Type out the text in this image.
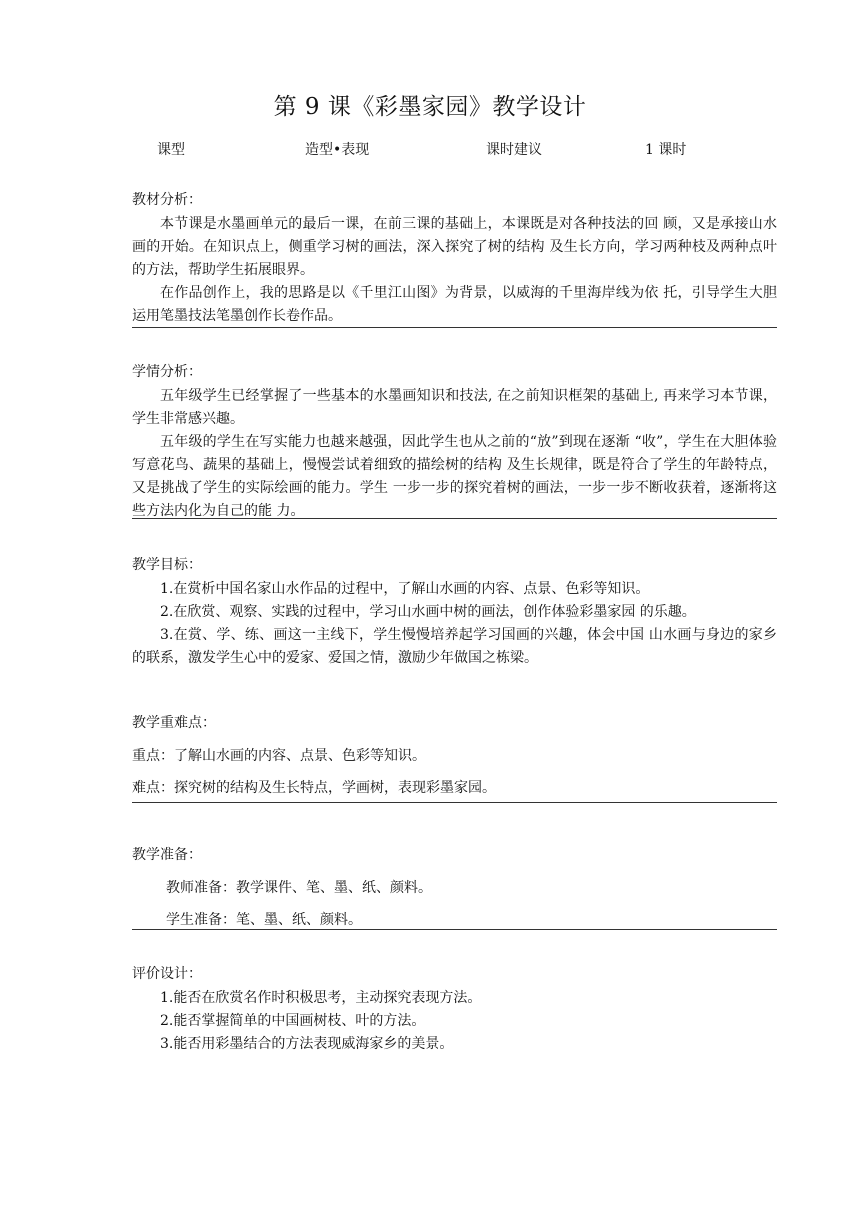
第 9 课《彩墨家园》教学设计
课型	造型•表现	课时建议	1 课时
教材分析：

本节课是水墨画单元的最后一课，在前三课的基础上，本课既是对各种技法的回 顾，又是承接山水画的开始。在知识点上，侧重学习树的画法，深入探究了树的结构 及生长方向，学习两种枝及两种点叶的方法，帮助学生拓展眼界。

在作品创作上，我的思路是以《千里江山图》为背景，以威海的千里海岸线为依 托，引导学生大胆运用笔墨技法笔墨创作长卷作品。

学情分析：

五年级学生已经掌握了一些基本的水墨画知识和技法, 在之前知识框架的基础上, 再来学习本节课，学生非常感兴趣。

五年级的学生在写实能力也越来越强，因此学生也从之前的“放”到现在逐渐 “收”，学生在大胆体验写意花鸟、蔬果的基础上，慢慢尝试着细致的描绘树的结构 及生长规律，既是符合了学生的年龄特点，又是挑战了学生的实际绘画的能力。学生 一步一步的探究着树的画法，一步一步不断收获着，逐渐将这些方法内化为自己的能 力。

教学目标：

1.在赏析中国名家山水作品的过程中，了解山水画的内容、点景、色彩等知识。

2.在欣赏、观察、实践的过程中，学习山水画中树的画法，创作体验彩墨家园 的乐趣。

3.在赏、学、练、画这一主线下，学生慢慢培养起学习国画的兴趣，体会中国 山水画与身边的家乡的联系，激发学生心中的爱家、爱国之情，激励少年做国之栋梁。

教学重难点：

重点：了解山水画的内容、点景、色彩等知识。

难点：探究树的结构及生长特点，学画树，表现彩墨家园。

教学准备：

教师准备：教学课件、笔、墨、纸、颜料。

学生准备：笔、墨、纸、颜料。

评价设计：

1.能否在欣赏名作时积极思考，主动探究表现方法。

2.能否掌握简单的中国画树枝、叶的方法。

3.能否用彩墨结合的方法表现威海家乡的美景。
